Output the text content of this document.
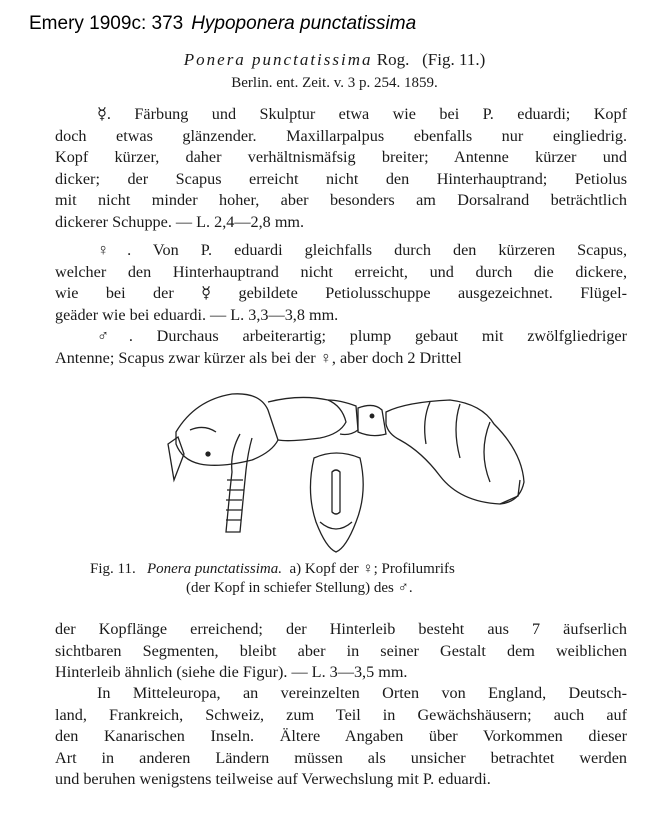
Emery 1909c: 373 Hypoponera punctatissima
Ponera punctatissima Rog. (Fig. 11.)
Berlin. ent. Zeit. v. 3 p. 254. 1859.
☿. Färbung und Skulptur etwa wie bei P. eduardi; Kopf
doch etwas glänzender. Maxillarpalpus ebenfalls nur eingliedrig.
Kopf kürzer, daher verhältnismäfsig breiter; Antenne kürzer und
dicker; der Scapus erreicht nicht den Hinterhauptrand; Petiolus
mit nicht minder hoher, aber besonders am Dorsalrand beträchtlich
dickerer Schuppe. — L. 2,4—2,8 mm.
♀. Von P. eduardi gleichfalls durch den kürzeren Scapus,
welcher den Hinterhauptrand nicht erreicht, und durch die dickere,
wie bei der ☿ gebildete Petiolusschuppe ausgezeichnet. Flügel-
geäder wie bei eduardi. — L. 3,3—3,8 mm.
♂. Durchaus arbeiterartig; plump gebaut mit zwölfgliedriger
Antenne; Scapus zwar kürzer als bei der ♀, aber doch 2 Drittel
Fig. 11. Ponera punctatissima. a) Kopf der ♀; Profilumrifs
(der Kopf in schiefer Stellung) des ♂.
der Kopflänge erreichend; der Hinterleib besteht aus 7 äufserlich
sichtbaren Segmenten, bleibt aber in seiner Gestalt dem weiblichen
Hinterleib ähnlich (siehe die Figur). — L. 3—3,5 mm.
In Mitteleuropa, an vereinzelten Orten von England, Deutsch-
land, Frankreich, Schweiz, zum Teil in Gewächshäusern; auch auf
den Kanarischen Inseln. Ältere Angaben über Vorkommen dieser
Art in anderen Ländern müssen als unsicher betrachtet werden
und beruhen wenigstens teilweise auf Verwechslung mit P. eduardi.
